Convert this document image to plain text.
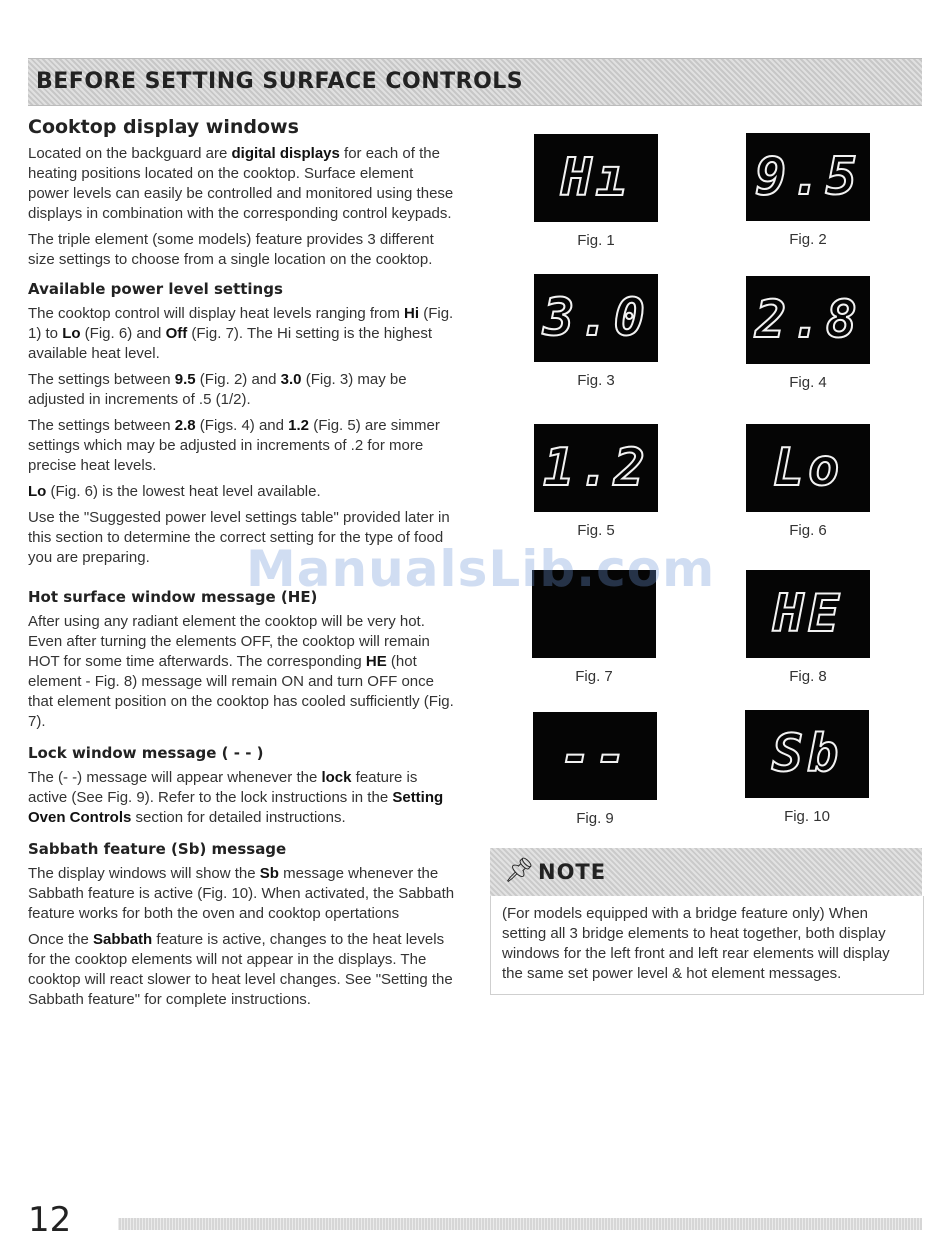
BEFORE SETTING SURFACE CONTROLS
Cooktop display windows

Located on the backguard are digital displays for each of the heating positions located on the cooktop. Surface element power levels can easily be controlled and monitored using these displays in combination with the corresponding control keypads.

The triple element (some models) feature provides 3 different size settings to choose from a single location on the cooktop.

Available power level settings

The cooktop control will display heat levels ranging from Hi (Fig. 1) to Lo (Fig. 6) and Off (Fig. 7). The Hi setting is the highest available heat level.

The settings between 9.5 (Fig. 2) and 3.0 (Fig. 3) may be adjusted in increments of .5 (1/2).

The settings between 2.8 (Figs. 4) and 1.2 (Fig. 5) are simmer settings which may be adjusted in increments of .2 for more precise heat levels.

Lo (Fig. 6) is the lowest heat level available.

Use the "Suggested power level settings table" provided later in this section to determine the correct setting for the type of food you are preparing.

Hot surface window message (HE)

After using any radiant element the cooktop will be very hot. Even after turning the elements OFF, the cooktop will remain HOT for some time afterwards. The corresponding HE (hot element - Fig. 8) message will remain ON and turn OFF once that element position on the cooktop has cooled sufficiently (Fig. 7).

Lock window message ( - - )

The (- -) message will appear whenever the lock feature is active (See Fig. 9). Refer to the lock instructions in the Setting Oven Controls section for detailed instructions.

Sabbath feature (Sb) message

The display windows will show the Sb message whenever the Sabbath feature is active (Fig. 10). When activated, the Sabbath feature works for both the oven and cooktop opertations

Once the Sabbath feature is active, changes to the heat levels for the cooktop elements will not appear in the displays. The cooktop will react slower to heat level changes. See "Setting the Sabbath feature" for complete instructions.

Hı
Fig. 1
9.5
Fig. 2
3.0
Fig. 3
2.8
Fig. 4
1.2
Fig. 5
Lo
Fig. 6
Fig. 7
HE
Fig. 8
--
Fig. 9
Sb
Fig. 10
ManualsLib.com
📌︎ NOTE
(For models equipped with a bridge feature only) When setting all 3 bridge elements to heat together, both display windows for the left front and left rear elements will display the same set power level & hot element messages.
12
